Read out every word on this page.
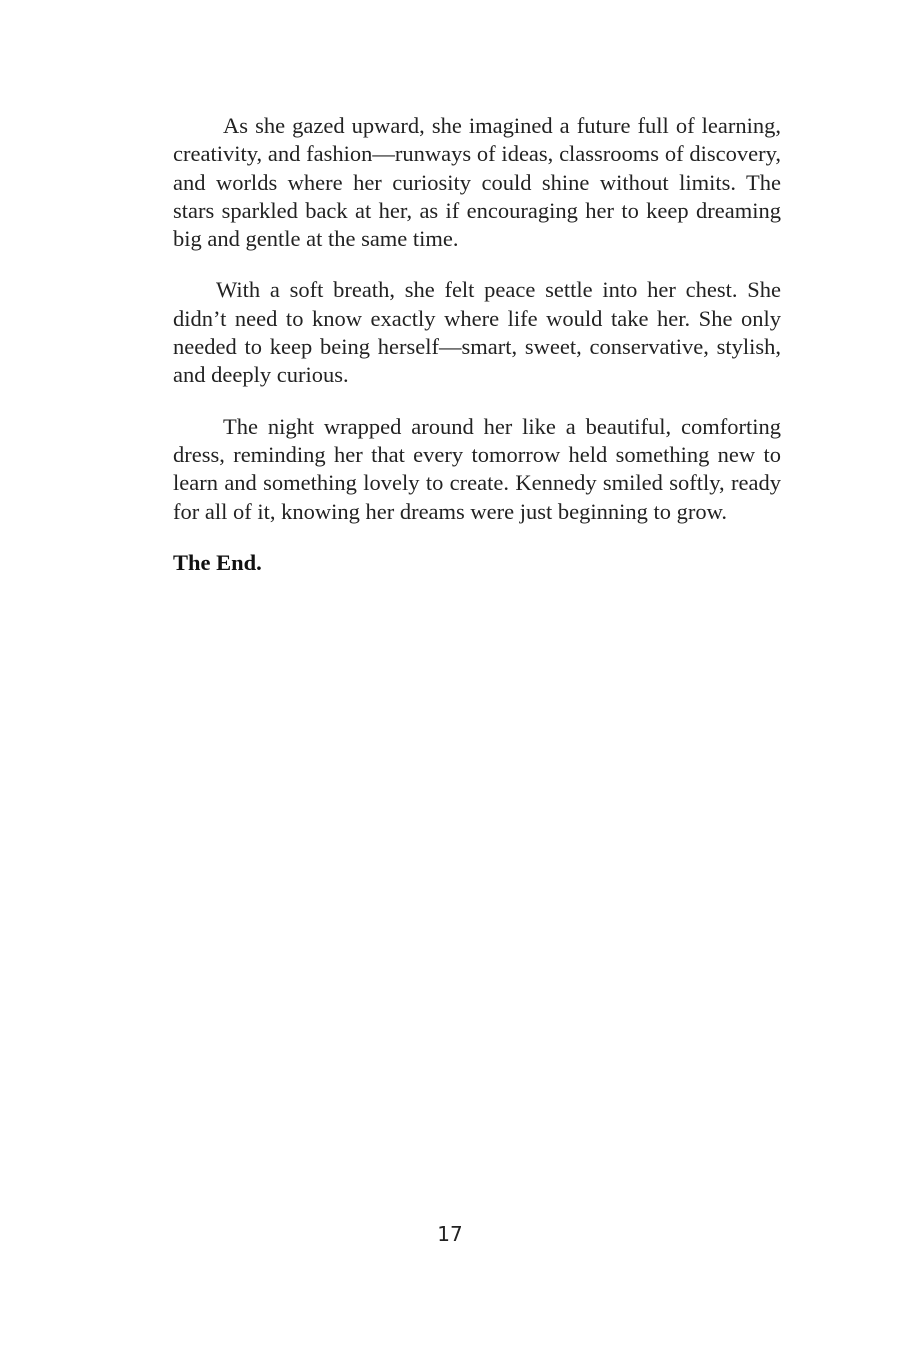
As she gazed upward, she imagined a future full of learning, creativity, and fashion—runways of ideas, classrooms of discovery, and worlds where her curiosity could shine without limits. The stars sparkled back at her, as if encouraging her to keep dreaming big and gentle at the same time.

With a soft breath, she felt peace settle into her chest. She didn’t need to know exactly where life would take her. She only needed to keep being herself—smart, sweet, conservative, stylish, and deeply curious.

The night wrapped around her like a beautiful, comforting dress, reminding her that every tomorrow held something new to learn and something lovely to create. Kennedy smiled softly, ready for all of it, knowing her dreams were just beginning to grow.

The End.

17
